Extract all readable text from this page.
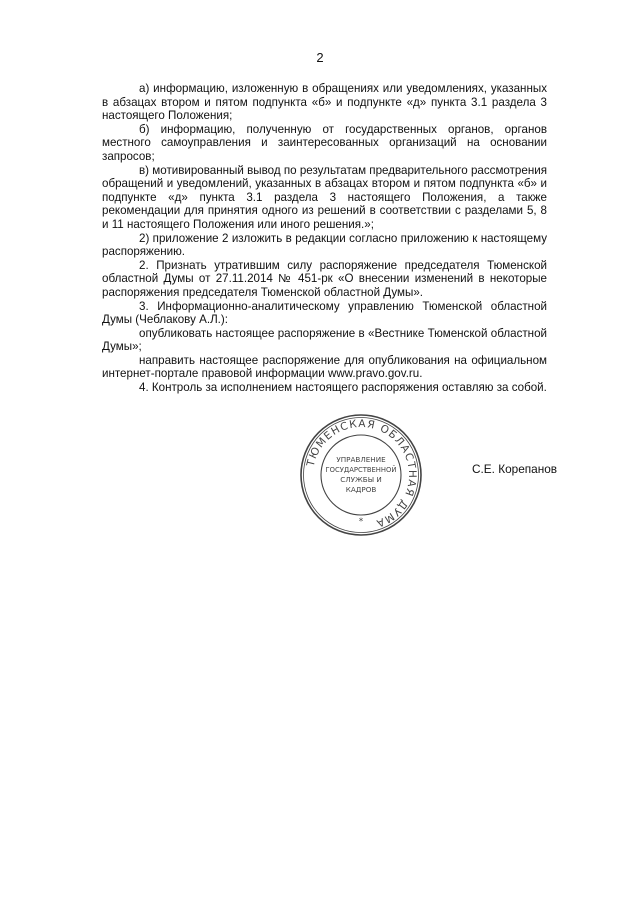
2

а) информацию, изложенную в обращениях или уведомлениях, указанных в абзацах втором и пятом подпункта «б» и подпункте «д» пункта 3.1 раздела 3 настоящего Положения;

б) информацию, полученную от государственных органов, органов местного самоуправления и заинтересованных организаций на основании запросов;

в) мотивированный вывод по результатам предварительного рассмотрения обращений и уведомлений, указанных в абзацах втором и пятом подпункта «б» и подпункте «д» пункта 3.1 раздела 3 настоящего Положения, а также рекомендации для принятия одного из решений в соответствии с разделами 5, 8 и 11 настоящего Положения или иного решения.»;

2) приложение 2 изложить в редакции согласно приложению к настоящему распоряжению.

2. Признать утратившим силу распоряжение председателя Тюменской областной Думы от 27.11.2014 № 451-рк «О внесении изменений в некоторые распоряжения председателя Тюменской областной Думы».

3. Информационно-аналитическому управлению Тюменской областной Думы (Чеблакову А.Л.):

опубликовать настоящее распоряжение в «Вестнике Тюменской областной Думы»;

направить настоящее распоряжение для опубликования на официальном интернет-портале правовой информации www.pravo.gov.ru.

4. Контроль за исполнением настоящего распоряжения оставляю за собой.

ТЮМЕНСКАЯ ОБЛАСТНАЯ ДУМА
УПРАВЛЕНИЕ
ГОСУДАРСТВЕННОЙ
СЛУЖБЫ И
КАДРОВ
*
С.Е. Корепанов
